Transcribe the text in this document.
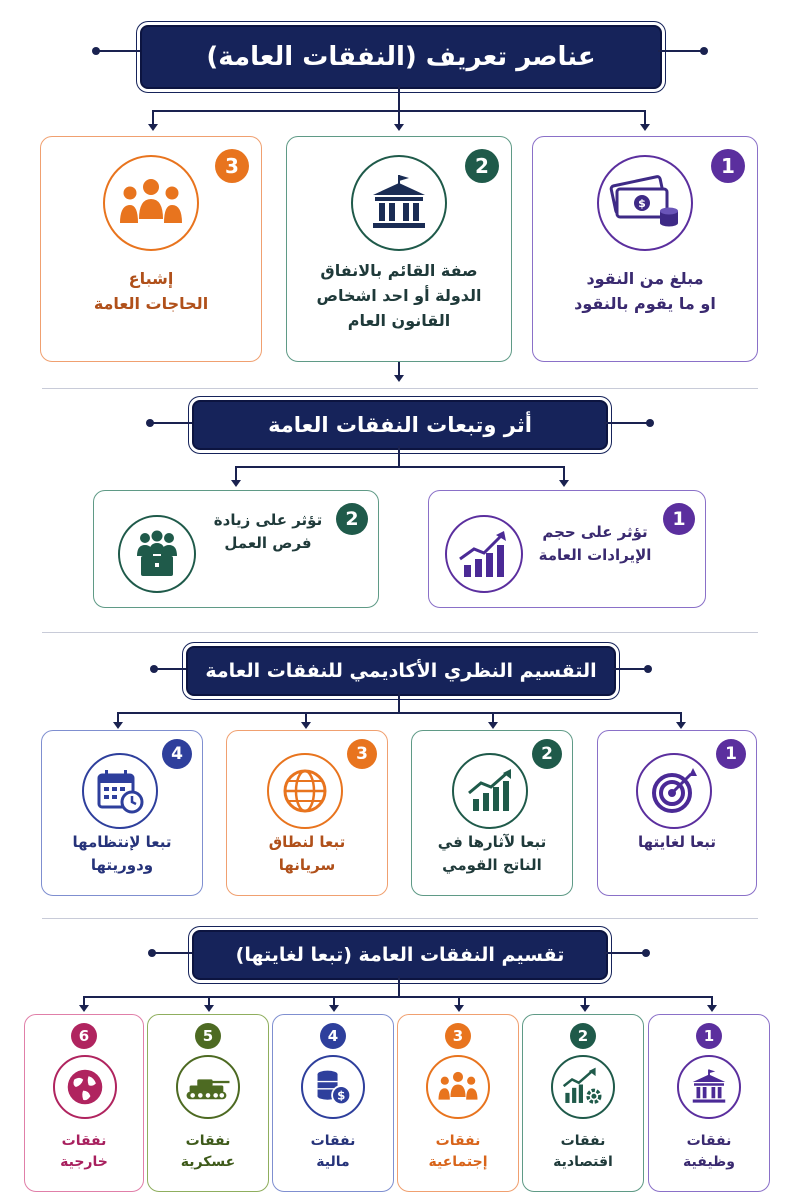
عناصر تعريف (النفقات العامة)
1
$
مبلغ من النقود
او ما يقوم بالنقود
2
صفة القائم بالانفاق
الدولة أو احد اشخاص
القانون العام
3
إشباع
الحاجات العامة
أثر وتبعات النفقات العامة
1
تؤثر على حجم
الإيرادات العامة
2
تؤثر على زيادة
فرص العمل
التقسيم النظري الأكاديمي للنفقات العامة
1
تبعا لغايتها
2
تبعا لآثارها في
الناتج القومي
3
تبعا لنطاق
سريانها
4
تبعا لإنتظامها
ودوريتها
تقسيم النفقات العامة (تبعا لغايتها)
1
نفقات
وظيفية
2
نفقات
اقتصادية
3
نفقات
إجتماعية
4
$
نفقات
مالية
5
نفقات
عسكرية
6
نفقات
خارجية
